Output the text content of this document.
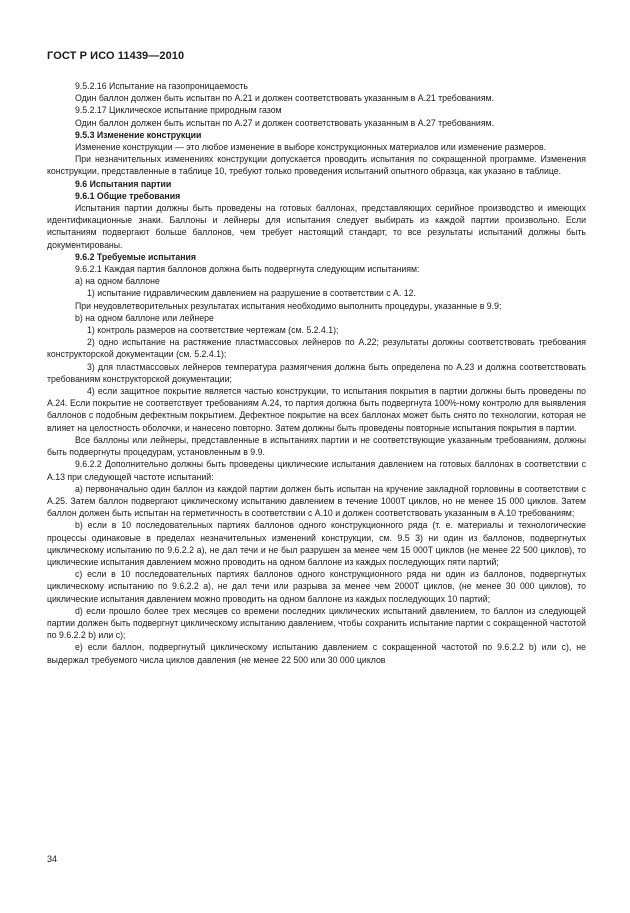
ГОСТ Р ИСО 11439—2010

9.5.2.16 Испытание на газопроницаемость

Один баллон должен быть испытан по А.21 и должен соответствовать указанным в А.21 требованиям.

9.5.2.17 Циклическое испытание природным газом

Один баллон должен быть испытан по А.27 и должен соответствовать указанным в А.27 требованиям.

9.5.3 Изменение конструкции

Изменение конструкции — это любое изменение в выборе конструкционных материалов или изменение размеров.

При незначительных изменениях конструкции допускается проводить испытания по сокращенной программе. Изменения конструкции, представленные в таблице 10, требуют только проведения испытаний опытного образца, как указано в таблице.

9.6 Испытания партии

9.6.1 Общие требования

Испытания партии должны быть проведены на готовых баллонах, представляющих серийное производство и имеющих идентификационные знаки. Баллоны и лейнеры для испытания следует выбирать из каждой партии произвольно. Если испытаниям подвергают больше баллонов, чем требует настоящий стандарт, то все результаты испытаний должны быть документированы.

9.6.2 Требуемые испытания

9.6.2.1 Каждая партия баллонов должна быть подвергнута следующим испытаниям:

а) на одном баллоне

1) испытание гидравлическим давлением на разрушение в соответствии с А. 12.

При неудовлетворительных результатах испытания необходимо выполнить процедуры, указанные в 9.9;

b) на одном баллоне или лейнере

1) контроль размеров на соответствие чертежам (см. 5.2.4.1);

2) одно испытание на растяжение пластмассовых лейнеров по А.22; результаты должны соответствовать требования конструкторской документации (см. 5.2.4.1);

3) для пластмассовых лейнеров температура размягчения должна быть определена по А.23 и должна соответствовать требованиям конструкторской документации;

4) если защитное покрытие является частью конструкции, то испытания покрытия в партии должны быть проведены по А.24. Если покрытие не соответствует требованиям А.24, то партия должна быть подвергнута 100%-ному контролю для выявления баллонов с подобным дефектным покрытием. Дефектное покрытие на всех баллонах может быть снято по технологии, которая не влияет на целостность оболочки, и нанесено повторно. Затем должны быть проведены повторные испытания покрытия в партии.

Все баллоны или лейнеры, представленные в испытаниях партии и не соответствующие указанным требованиям, должны быть подвергнуты процедурам, установленным в 9.9.

9.6.2.2 Дополнительно должны быть проведены циклические испытания давлением на готовых баллонах в соответствии с А.13 при следующей частоте испытаний:

а) первоначально один баллон из каждой партии должен быть испытан на кручение закладной горловины в соответствии с А.25. Затем баллон подвергают циклическому испытанию давлением в течение 1000T циклов, но не менее 15 000 циклов. Затем баллон должен быть испытан на герметичность в соответствии с А.10 и должен соответствовать указанным в А.10 требованиям;

b) если в 10 последовательных партиях баллонов одного конструкционного ряда (т. е. материалы и технологические процессы одинаковые в пределах незначительных изменений конструкции, см. 9.5 3) ни один из баллонов, подвергнутых циклическому испытанию по 9.6.2.2 а), не дал течи и не был разрушен за менее чем 15 000T циклов (не менее 22 500 циклов), то циклические испытания давлением можно проводить на одном баллоне из каждых последующих пяти партий;

с) если в 10 последовательных партиях баллонов одного конструкционного ряда ни один из баллонов, подвергнутых циклическому испытанию по 9.6.2.2 а), не дал течи или разрыва за менее чем 2000T циклов, (не менее 30 000 циклов), то циклические испытания давлением можно проводить на одном баллоне из каждых последующих 10 партий;

d) если прошло более трех месяцев со времени последних циклических испытаний давлением, то баллон из следующей партии должен быть подвергнут циклическому испытанию давлением, чтобы сохранить испытание партии с сокращенной частотой по 9.6.2.2 b) или с);

е) если баллон, подвергнутый циклическому испытанию давлением с сокращенной частотой по 9.6.2.2 b) или с), не выдержал требуемого числа циклов давления (не менее 22 500 или 30 000 циклов

34
